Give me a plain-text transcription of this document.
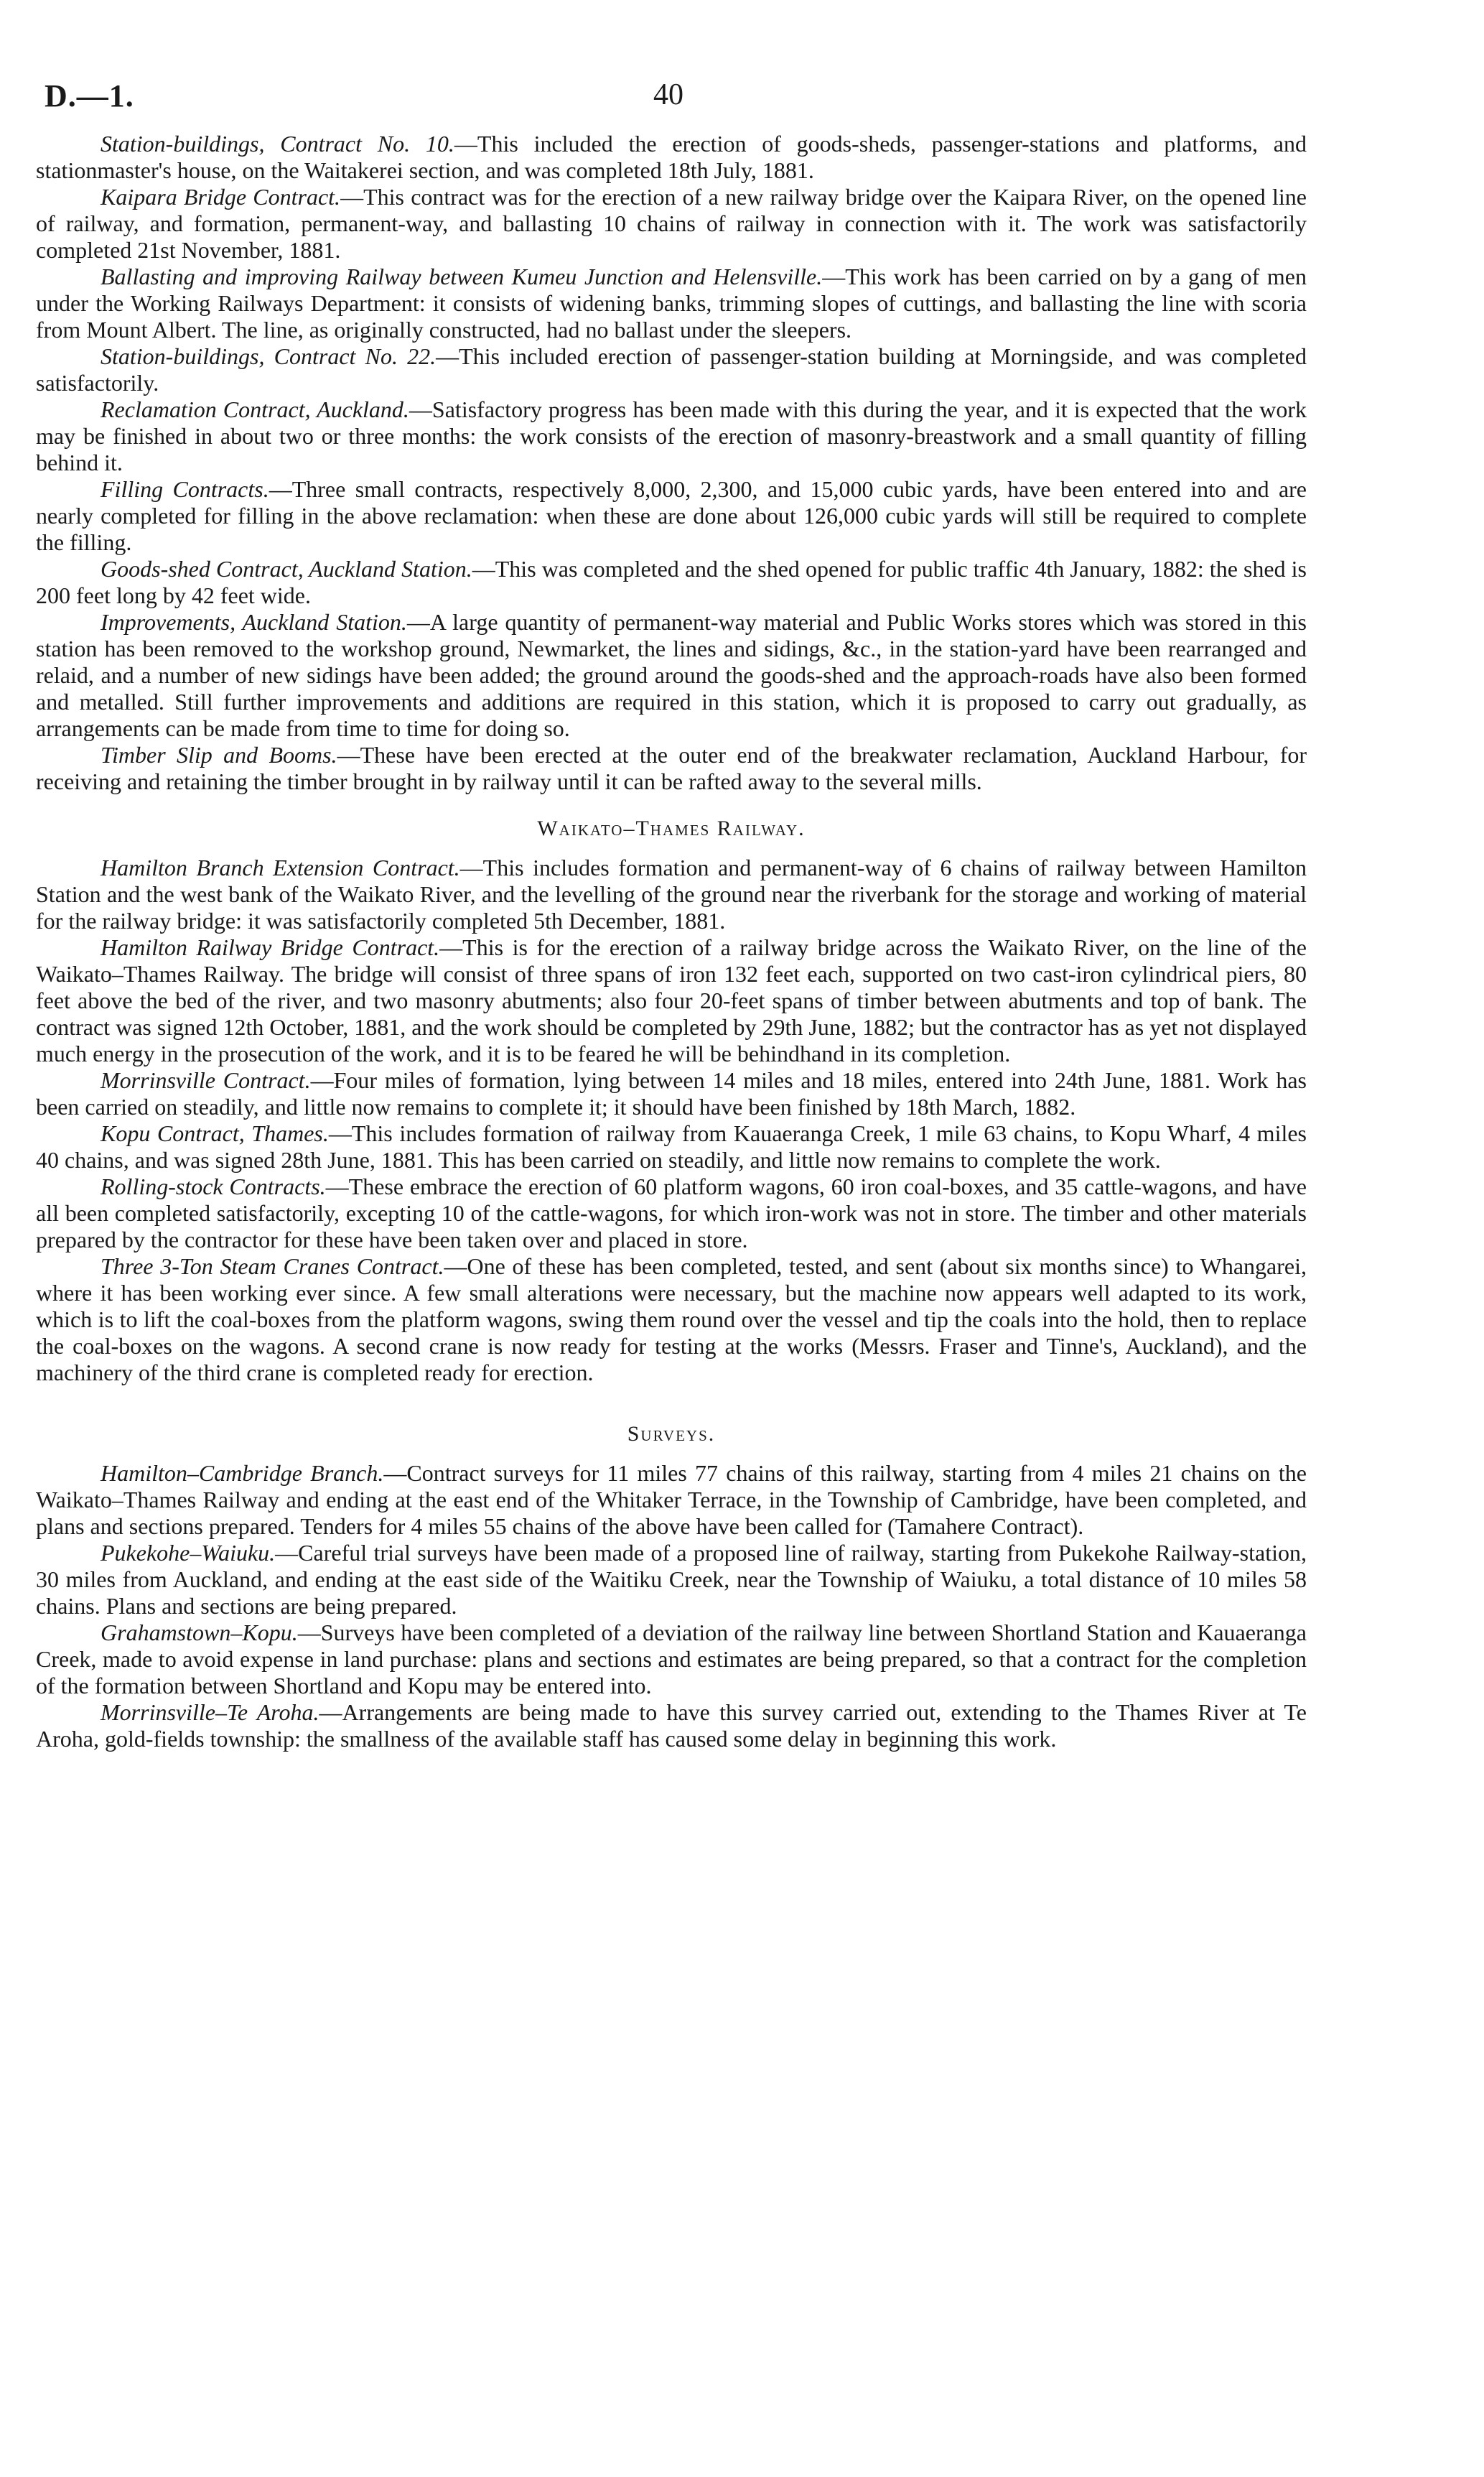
D.—1.	40

Station-buildings, Contract No. 10.—This included the erection of goods-sheds, passenger-stations and platforms, and stationmaster's house, on the Waitakerei section, and was completed 18th July, 1881.

Kaipara Bridge Contract.—This contract was for the erection of a new railway bridge over the Kaipara River, on the opened line of railway, and formation, permanent-way, and ballasting 10 chains of railway in connection with it. The work was satisfactorily completed 21st November, 1881.

Ballasting and improving Railway between Kumeu Junction and Helensville.—This work has been carried on by a gang of men under the Working Railways Department: it consists of widening banks, trimming slopes of cuttings, and ballasting the line with scoria from Mount Albert. The line, as originally constructed, had no ballast under the sleepers.

Station-buildings, Contract No. 22.—This included erection of passenger-station building at Morningside, and was completed satisfactorily.

Reclamation Contract, Auckland.—Satisfactory progress has been made with this during the year, and it is expected that the work may be finished in about two or three months: the work consists of the erection of masonry-breastwork and a small quantity of filling behind it.

Filling Contracts.—Three small contracts, respectively 8,000, 2,300, and 15,000 cubic yards, have been entered into and are nearly completed for filling in the above reclamation: when these are done about 126,000 cubic yards will still be required to complete the filling.

Goods-shed Contract, Auckland Station.—This was completed and the shed opened for public traffic 4th January, 1882: the shed is 200 feet long by 42 feet wide.

Improvements, Auckland Station.—A large quantity of permanent-way material and Public Works stores which was stored in this station has been removed to the workshop ground, Newmarket, the lines and sidings, &c., in the station-yard have been rearranged and relaid, and a number of new sidings have been added; the ground around the goods-shed and the approach-roads have also been formed and metalled. Still further improvements and additions are required in this station, which it is proposed to carry out gradually, as arrangements can be made from time to time for doing so.

Timber Slip and Booms.—These have been erected at the outer end of the breakwater reclamation, Auckland Harbour, for receiving and retaining the timber brought in by railway until it can be rafted away to the several mills.

Waikato–Thames Railway.

Hamilton Branch Extension Contract.—This includes formation and permanent-way of 6 chains of railway between Hamilton Station and the west bank of the Waikato River, and the levelling of the ground near the riverbank for the storage and working of material for the railway bridge: it was satisfactorily completed 5th December, 1881.

Hamilton Railway Bridge Contract.—This is for the erection of a railway bridge across the Waikato River, on the line of the Waikato–Thames Railway. The bridge will consist of three spans of iron 132 feet each, supported on two cast-iron cylindrical piers, 80 feet above the bed of the river, and two masonry abutments; also four 20-feet spans of timber between abutments and top of bank. The contract was signed 12th October, 1881, and the work should be completed by 29th June, 1882; but the contractor has as yet not displayed much energy in the prosecution of the work, and it is to be feared he will be behindhand in its completion.

Morrinsville Contract.—Four miles of formation, lying between 14 miles and 18 miles, entered into 24th June, 1881. Work has been carried on steadily, and little now remains to complete it; it should have been finished by 18th March, 1882.

Kopu Contract, Thames.—This includes formation of railway from Kauaeranga Creek, 1 mile 63 chains, to Kopu Wharf, 4 miles 40 chains, and was signed 28th June, 1881. This has been carried on steadily, and little now remains to complete the work.

Rolling-stock Contracts.—These embrace the erection of 60 platform wagons, 60 iron coal-boxes, and 35 cattle-wagons, and have all been completed satisfactorily, excepting 10 of the cattle-wagons, for which iron-work was not in store. The timber and other materials prepared by the contractor for these have been taken over and placed in store.

Three 3-Ton Steam Cranes Contract.—One of these has been completed, tested, and sent (about six months since) to Whangarei, where it has been working ever since. A few small alterations were necessary, but the machine now appears well adapted to its work, which is to lift the coal-boxes from the platform wagons, swing them round over the vessel and tip the coals into the hold, then to replace the coal-boxes on the wagons. A second crane is now ready for testing at the works (Messrs. Fraser and Tinne's, Auckland), and the machinery of the third crane is completed ready for erection.

Surveys.

Hamilton–Cambridge Branch.—Contract surveys for 11 miles 77 chains of this railway, starting from 4 miles 21 chains on the Waikato–Thames Railway and ending at the east end of the Whitaker Terrace, in the Township of Cambridge, have been completed, and plans and sections prepared. Tenders for 4 miles 55 chains of the above have been called for (Tamahere Contract).

Pukekohe–Waiuku.—Careful trial surveys have been made of a proposed line of railway, starting from Pukekohe Railway-station, 30 miles from Auckland, and ending at the east side of the Waitiku Creek, near the Township of Waiuku, a total distance of 10 miles 58 chains. Plans and sections are being prepared.

Grahamstown–Kopu.—Surveys have been completed of a deviation of the railway line between Shortland Station and Kauaeranga Creek, made to avoid expense in land purchase: plans and sections and estimates are being prepared, so that a contract for the completion of the formation between Shortland and Kopu may be entered into.

Morrinsville–Te Aroha.—Arrangements are being made to have this survey carried out, extending to the Thames River at Te Aroha, gold-fields township: the smallness of the available staff has caused some delay in beginning this work.
